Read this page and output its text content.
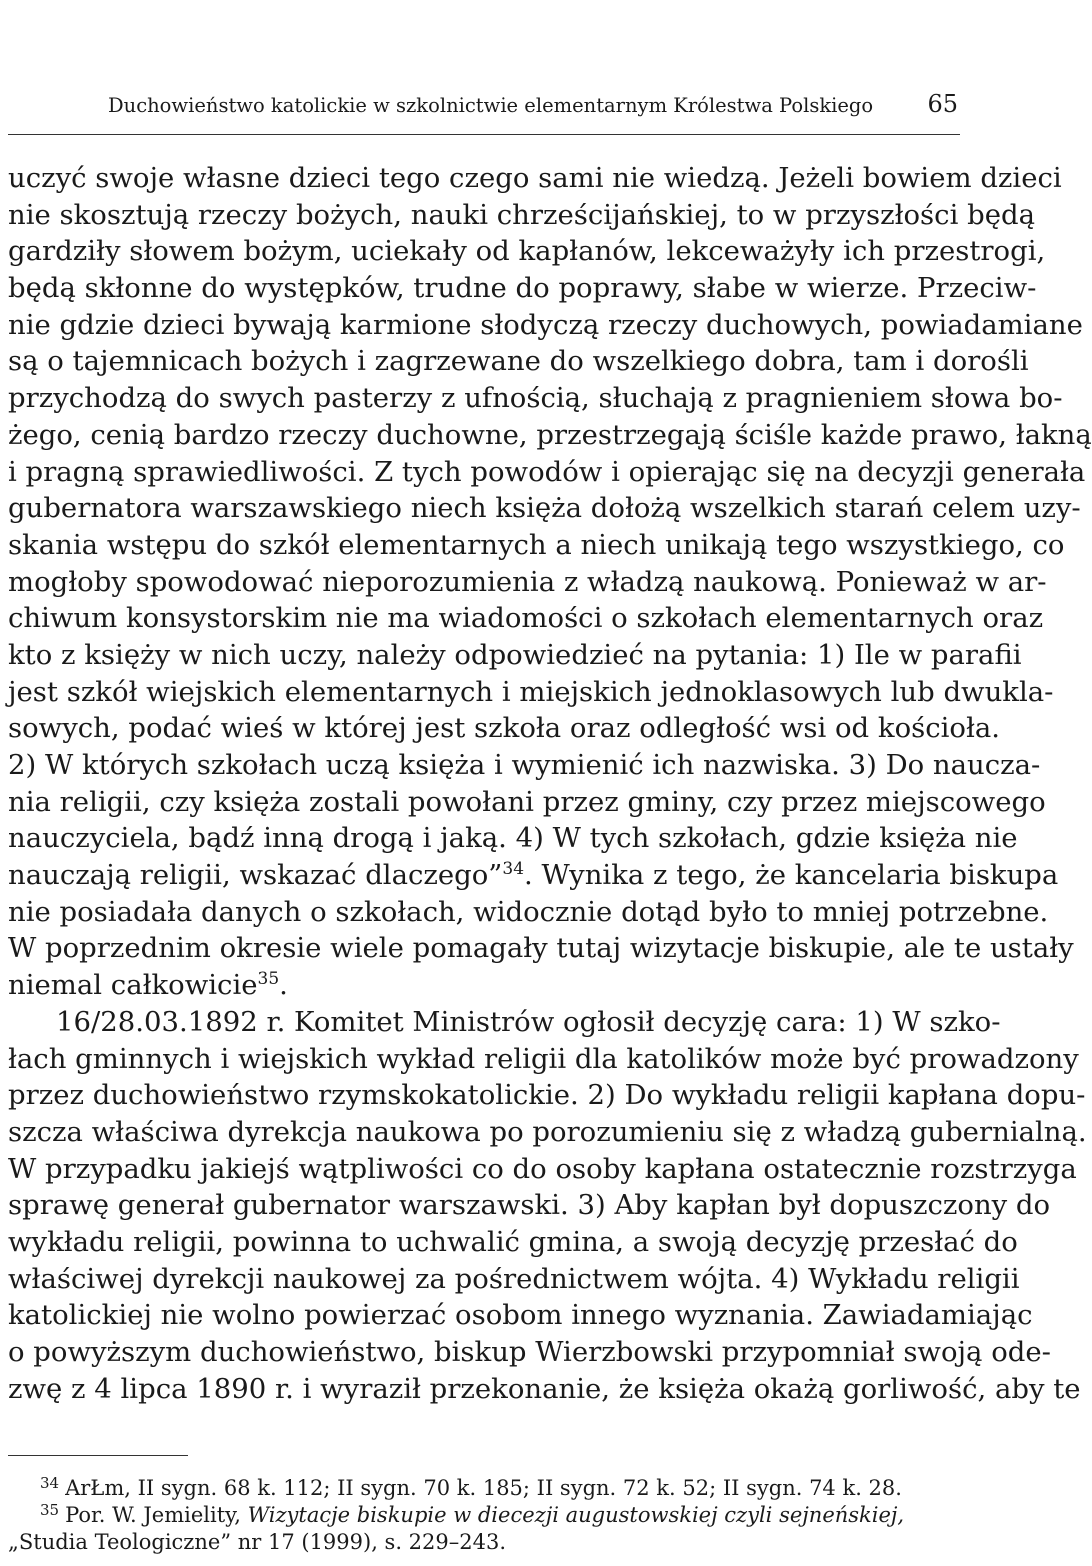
Duchowieństwo katolickie w szkolnictwie elementarnym Królestwa Polskiego 65
uczyć swoje własne dzieci tego czego sami nie wiedzą. Jeżeli bowiem dzieci
nie skosztują rzeczy bożych, nauki chrześcijańskiej, to w przyszłości będą
gardziły słowem bożym, uciekały od kapłanów, lekceważyły ich przestrogi,
będą skłonne do występków, trudne do poprawy, słabe w wierze. Przeciw-
nie gdzie dzieci bywają karmione słodyczą rzeczy duchowych, powiadamiane
są o tajemnicach bożych i zagrzewane do wszelkiego dobra, tam i dorośli
przychodzą do swych pasterzy z ufnością, słuchają z pragnieniem słowa bo-
żego, cenią bardzo rzeczy duchowne, przestrzegają ściśle każde prawo, łakną
i pragną sprawiedliwości. Z tych powodów i opierając się na decyzji generała
gubernatora warszawskiego niech księża dołożą wszelkich starań celem uzy-
skania wstępu do szkół elementarnych a niech unikają tego wszystkiego, co
mogłoby spowodować nieporozumienia z władzą naukową. Ponieważ w ar-
chiwum konsystorskim nie ma wiadomości o szkołach elementarnych oraz
kto z księży w nich uczy, należy odpowiedzieć na pytania: 1) Ile w parafii
jest szkół wiejskich elementarnych i miejskich jednoklasowych lub dwukla-
sowych, podać wieś w której jest szkoła oraz odległość wsi od kościoła.
2) W których szkołach uczą księża i wymienić ich nazwiska. 3) Do naucza-
nia religii, czy księża zostali powołani przez gminy, czy przez miejscowego
nauczyciela, bądź inną drogą i jaką. 4) W tych szkołach, gdzie księża nie
nauczają religii, wskazać dlaczego”$^{34}$. Wynika z tego, że kancelaria biskupa
nie posiadała danych o szkołach, widocznie dotąd było to mniej potrzebne.
W poprzednim okresie wiele pomagały tutaj wizytacje biskupie, ale te ustały
niemal całkowicie$^{35}$.
16/28.03.1892 r. Komitet Ministrów ogłosił decyzję cara: 1) W szko-
łach gminnych i wiejskich wykład religii dla katolików może być prowadzony
przez duchowieństwo rzymskokatolickie. 2) Do wykładu religii kapłana dopu-
szcza właściwa dyrekcja naukowa po porozumieniu się z władzą gubernialną.
W przypadku jakiejś wątpliwości co do osoby kapłana ostatecznie rozstrzyga
sprawę generał gubernator warszawski. 3) Aby kapłan był dopuszczony do
wykładu religii, powinna to uchwalić gmina, a swoją decyzję przesłać do
właściwej dyrekcji naukowej za pośrednictwem wójta. 4) Wykładu religii
katolickiej nie wolno powierzać osobom innego wyznania. Zawiadamiając
o powyższym duchowieństwo, biskup Wierzbowski przypomniał swoją ode-
zwę z 4 lipca 1890 r. i wyraził przekonanie, że księża okażą gorliwość, aby te
$^{34}$ ArŁm, II sygn. 68 k. 112; II sygn. 70 k. 185; II sygn. 72 k. 52; II sygn. 74 k. 28.
$^{35}$ Por. W. Jemielity, Wizytacje biskupie w diecezji augustowskiej czyli sejneńskiej,
„Studia Teologiczne” nr 17 (1999), s. 229–243.
